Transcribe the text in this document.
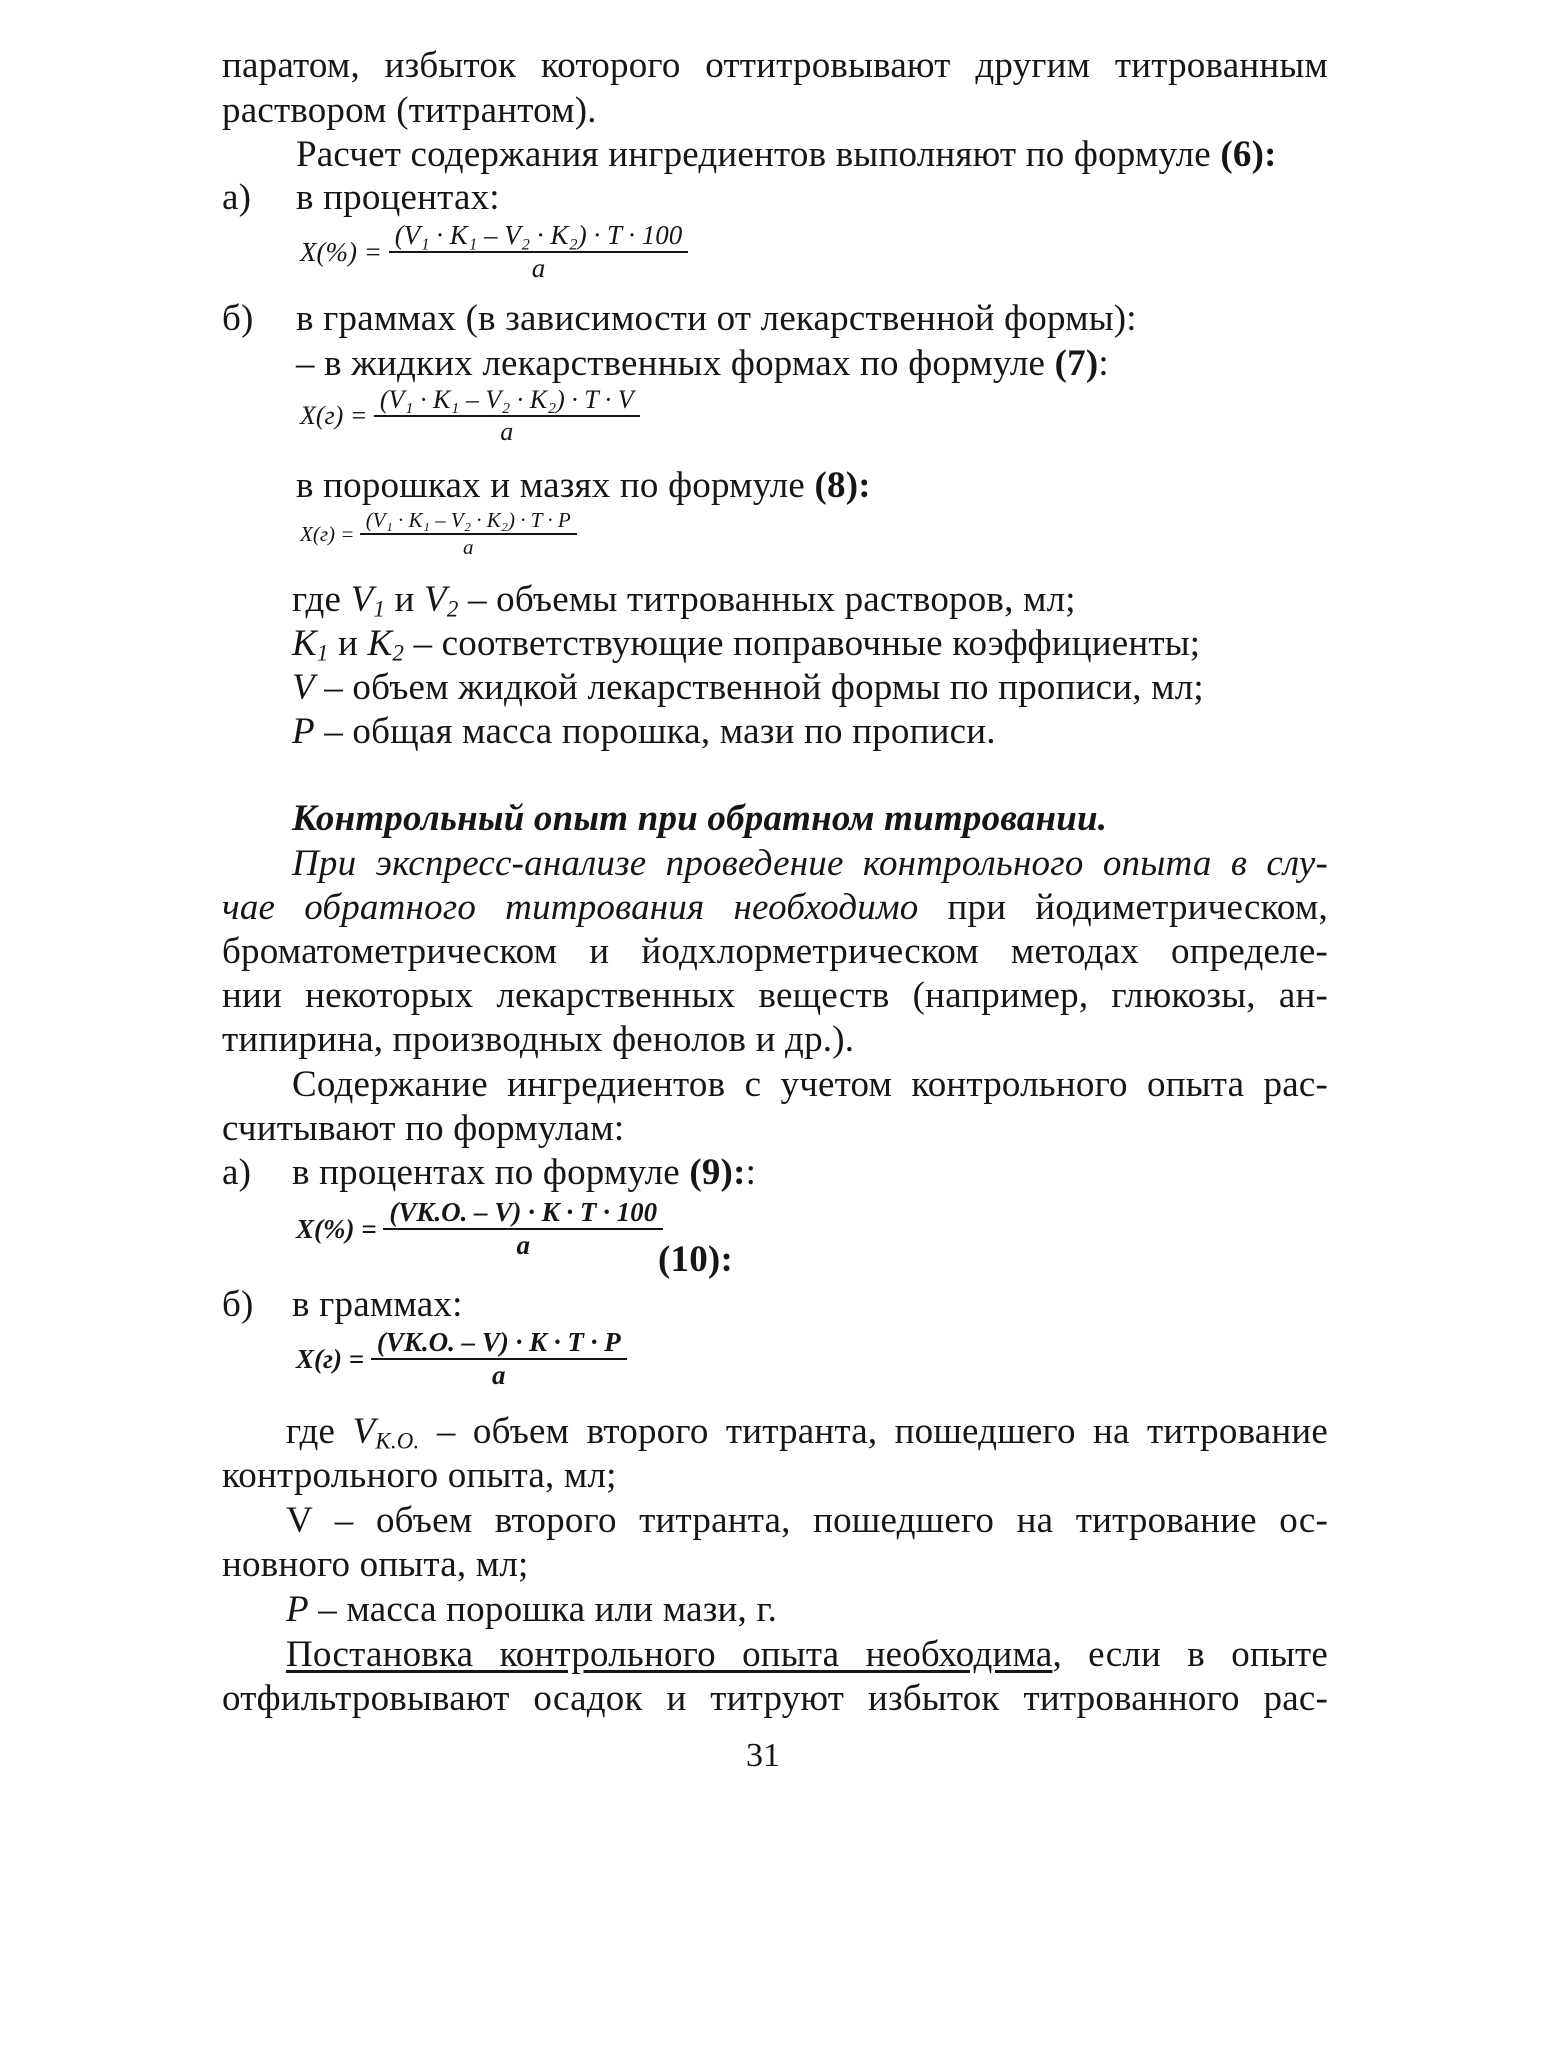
паратом, избыток которого оттитровывают другим титрованным
раствором (титрантом).
Расчет содержания ингредиентов выполняют по формуле (6):
а) в процентах:
$X(\%) = \frac{\text{(V₁ · K₁ – V₂ · K₂) · T · 100}}{a}$
б) в граммах (в зависимости от лекарственной формы):
– в жидких лекарственных формах по формуле (7):
$X(г) = \frac{\text{(V₁ · K₁ – V₂ · K₂) · T · V}}{a}$
в порошках и мазях по формуле (8):
$X(г) = \frac{\text{(V₁ · K₁ – V₂ · K₂) · T · P}}{a}$
где $V_1$ и $V_2$ – объемы титрованных растворов, мл;
$K_1$ и $K_2$ – соответствующие поправочные коэффициенты;
V – объем жидкой лекарственной формы по прописи, мл;
P – общая масса порошка, мази по прописи.
Контрольный опыт при обратном титровании.
При экспресс-анализе проведение контрольного опыта в слу-
чае обратного титрования необходимо при йодиметрическом,
броматометрическом и йодхлорметрическом методах определе-
нии некоторых лекарственных веществ (например, глюкозы, ан-
типирина, производных фенолов и др.).
Содержание ингредиентов с учетом контрольного опыта рас-
считывают по формулам:
а) в процентах по формуле (9)::
$X(\%) = \frac{(VK.O. - V) \cdot K \cdot T \cdot 100}{a}$
(10):
б) в граммах:
$X(г) = \frac{(VK.O. - V) \cdot K \cdot T \cdot P}{a}$
где $V_{K.O.}$ – объем второго титранта, пошедшего на титрование
контрольного опыта, мл;
V – объем второго титранта, пошедшего на титрование ос-
новного опыта, мл;
P – масса порошка или мази, г.
Постановка контрольного опыта необходима, если в опыте
отфильтровывают осадок и титруют избыток титрованного рас-
31
